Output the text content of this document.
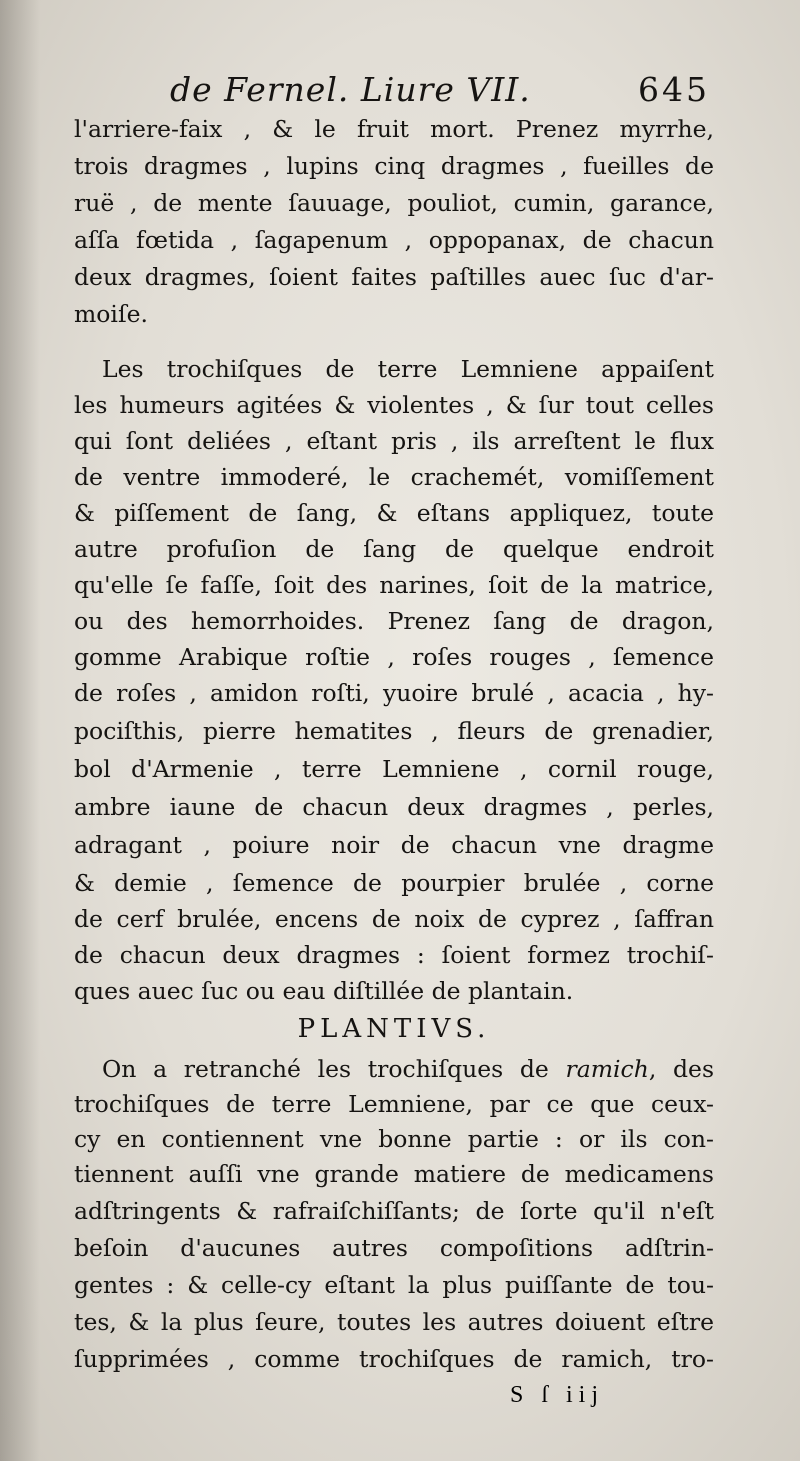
de Fernel. Liure VII.	645
l'arriere-faix , & le fruit mort. Prenez myrrhe,
trois dragmes , lupins cinq dragmes , fueilles de
ruë , de mente ſauuage, pouliot, cumin, garance,
aſſa fœtida , ſagapenum , oppopanax, de chacun
deux dragmes, ſoient faites paſtilles auec ſuc d'ar-
moiſe.
Les trochiſques de terre Lemniene appaiſent
les humeurs agitées & violentes , & ſur tout celles
qui ſont deliées , eſtant pris , ils arreſtent le flux
de ventre immoderé, le crachemét, vomiſſement
& piſſement de ſang, & eſtans appliquez, toute
autre profuſion de ſang de quelque endroit
qu'elle ſe faſſe, ſoit des narines, ſoit de la matrice,
ou des hemorrhoides. Prenez ſang de dragon,
gomme Arabique roſtie , roſes rouges , ſemence
de roſes , amidon roſti, yuoire brulé , acacia , hy-
pociſthis, pierre hematites , fleurs de grenadier,
bol d'Armenie , terre Lemniene , cornil rouge,
ambre iaune de chacun deux dragmes , perles,
adragant , poiure noir de chacun vne dragme
& demie , ſemence de pourpier brulée , corne
de cerf brulée, encens de noix de cyprez , ſaffran
de chacun deux dragmes : ſoient formez trochiſ-
ques auec ſuc ou eau diſtillée de plantain.
PLANTIVS.
On a retranché les trochiſques de ramich, des
trochiſques de terre Lemniene, par ce que ceux-
cy en contiennent vne bonne partie : or ils con-
tiennent auſſi vne grande matiere de medicamens
adſtringents & rafraiſchiſſants; de ſorte qu'il n'eſt
beſoin d'aucunes autres compoſitions adſtrin-
gentes : & celle-cy eſtant la plus puiſſante de tou-
tes, & la plus ſeure, toutes les autres doiuent eſtre
ſupprimées , comme trochiſques de ramich, tro-
S ſ iij
